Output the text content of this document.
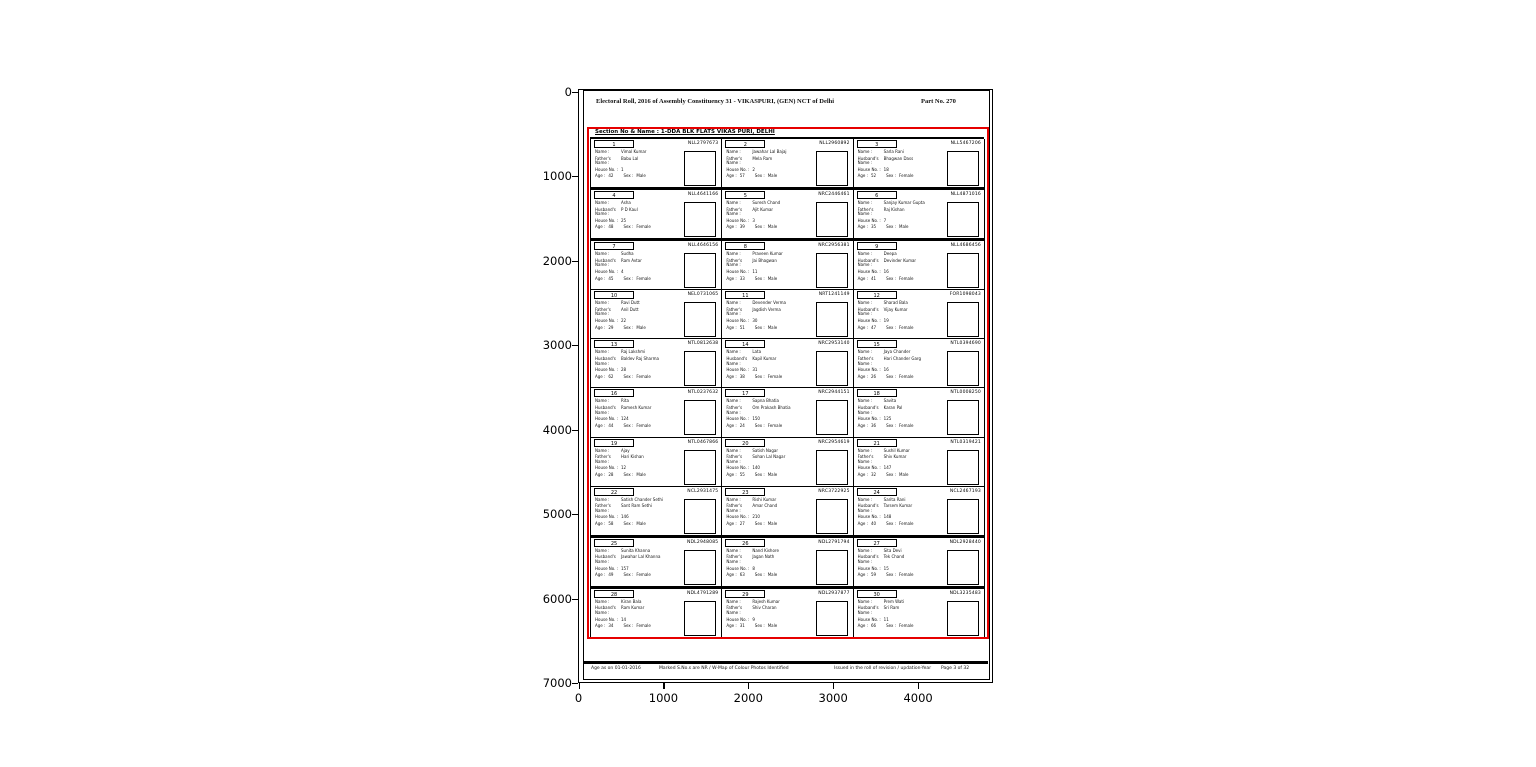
0
1000
2000
3000
4000
5000
6000
7000
0	1000	2000	3000	4000
Electoral Roll, 2016 of Assembly Constituency 31 - VIKASPURI, (GEN) NCT of Delhi	Part No. 270
Section No & Name : 1-DDA BLK FLATS VIKAS PURI, DELHI
1	NLL2797673
Name :	Vimal Kumar
Father's Name :
Babu Lal
House No. : 1
Age : 42	Sex : Male
2	NLL2960892
Name :	Jawahar Lal Bajaj
Father's Name :
Mela Ram
House No. : 2
Age : 57	Sex : Male
3	NLL5467206
Name :	Sarla Rani
Husband's Name :
Bhagwan Dass
House No. : 18
Age : 52	Sex : Female
4	NLL4641166
Name :	Asha
Husband's Name :
P D Kaul
House No. : 25
Age : 48	Sex : Female
5	NRC2446461
Name :	Suresh Chand
Father's Name :
Ajit Kumar
House No. : 3
Age : 39	Sex : Male
6	NLL4871016
Name :	Sanjay Kumar Gupta
Father's Name :
Raj Kishan
House No. : 7
Age : 35	Sex : Male
7	NLL4646156
Name :	Sudha
Husband's Name :
Ram Avtar
House No. : 4
Age : 45	Sex : Female
8	NRC2956381
Name :	Praveen Kumar
Father's Name :
Jai Bhagwan
House No. : 11
Age : 33	Sex : Male
9	NLL4686456
Name :	Deepa
Husband's Name :
Devinder Kumar
House No. : 16
Age : 41	Sex : Female
10	NEL0731065
Name :	Ravi Dutt
Father's Name :
Anil Dutt
House No. : 22
Age : 29	Sex : Male
11	NRT1241149
Name :	Devender Verma
Father's Name :
Jagdish Verma
House No. : 30
Age : 51	Sex : Male
12	FOR1098043
Name :	Sharad Bala
Husband's Name :
Vijay Kumar
House No. : 19
Age : 47	Sex : Female
13	NTL0812638
Name :	Raj Lakshmi
Husband's Name :
Baldev Raj Sharma
House No. : 28
Age : 62	Sex : Female
14	NRC2953140
Name :	Lata
Husband's Name :
Kapil Kumar
House No. : 31
Age : 38	Sex : Female
15	NTL0394690
Name :	Jaya Chander
Father's Name :
Hari Chander Garg
House No. : 16
Age : 26	Sex : Female
16	NTL0237632
Name :	Rita
Husband's Name :
Ramesh Kumar
House No. : 124
Age : 44	Sex : Female
17	NRC2944151
Name :	Sapna Bhatia
Father's Name :
Om Prakash Bhatia
House No. : 150
Age : 24	Sex : Female
18	NTL0008250
Name :	Savita
Husband's Name :
Karan Pal
House No. : 125
Age : 36	Sex : Female
19	NTL0467866
Name :	Ajay
Father's Name :
Hari Kishan
House No. : 12
Age : 28	Sex : Male
20	NRC2954619
Name :	Satish Nagar
Father's Name :
Sohan Lal Nagar
House No. : 140
Age : 55	Sex : Male
21	NTL0319421
Name :	Sushil Kumar
Father's Name :
Shiv Kumar
House No. : 147
Age : 32	Sex : Male
22	NCL2931475
Name :	Satish Chander Sethi
Father's Name :
Sant Ram Sethi
House No. : 146
Age : 58	Sex : Male
23	NRC3722925
Name :	Rishi Kumar
Father's Name :
Amar Chand
House No. : 210
Age : 27	Sex : Male
24	NCL2467193
Name :	Sarita Rani
Husband's Name :
Tarsem Kumar
House No. : 148
Age : 40	Sex : Female
25	NDL2948085
Name :	Sunita Khanna
Husband's Name :
Jawahar Lal Khanna
House No. : 157
Age : 49	Sex : Female
26	NDL2791794
Name :	Nand Kishore
Father's Name :
Jagan Nath
House No. : 8
Age : 63	Sex : Male
27	NDL2928440
Name :	Sita Devi
Husband's Name :
Tek Chand
House No. : 15
Age : 59	Sex : Female
28	NDL4791289
Name :	Kiran Bala
Husband's Name :
Ram Kumar
House No. : 14
Age : 34	Sex : Female
29	NDL2937877
Name :	Rajesh Kumar
Father's Name :
Shiv Charan
House No. : 9
Age : 31	Sex : Male
30	NDL3235483
Name :	Prem Wati
Husband's Name :
Sri Ram
House No. : 11
Age : 66	Sex : Female
Age as on 01-01-2016	Marked S.No.s are NR / W-Map of Colour Photos Identified	Issued in the roll of revision / updation-Year Page 3 of 32
